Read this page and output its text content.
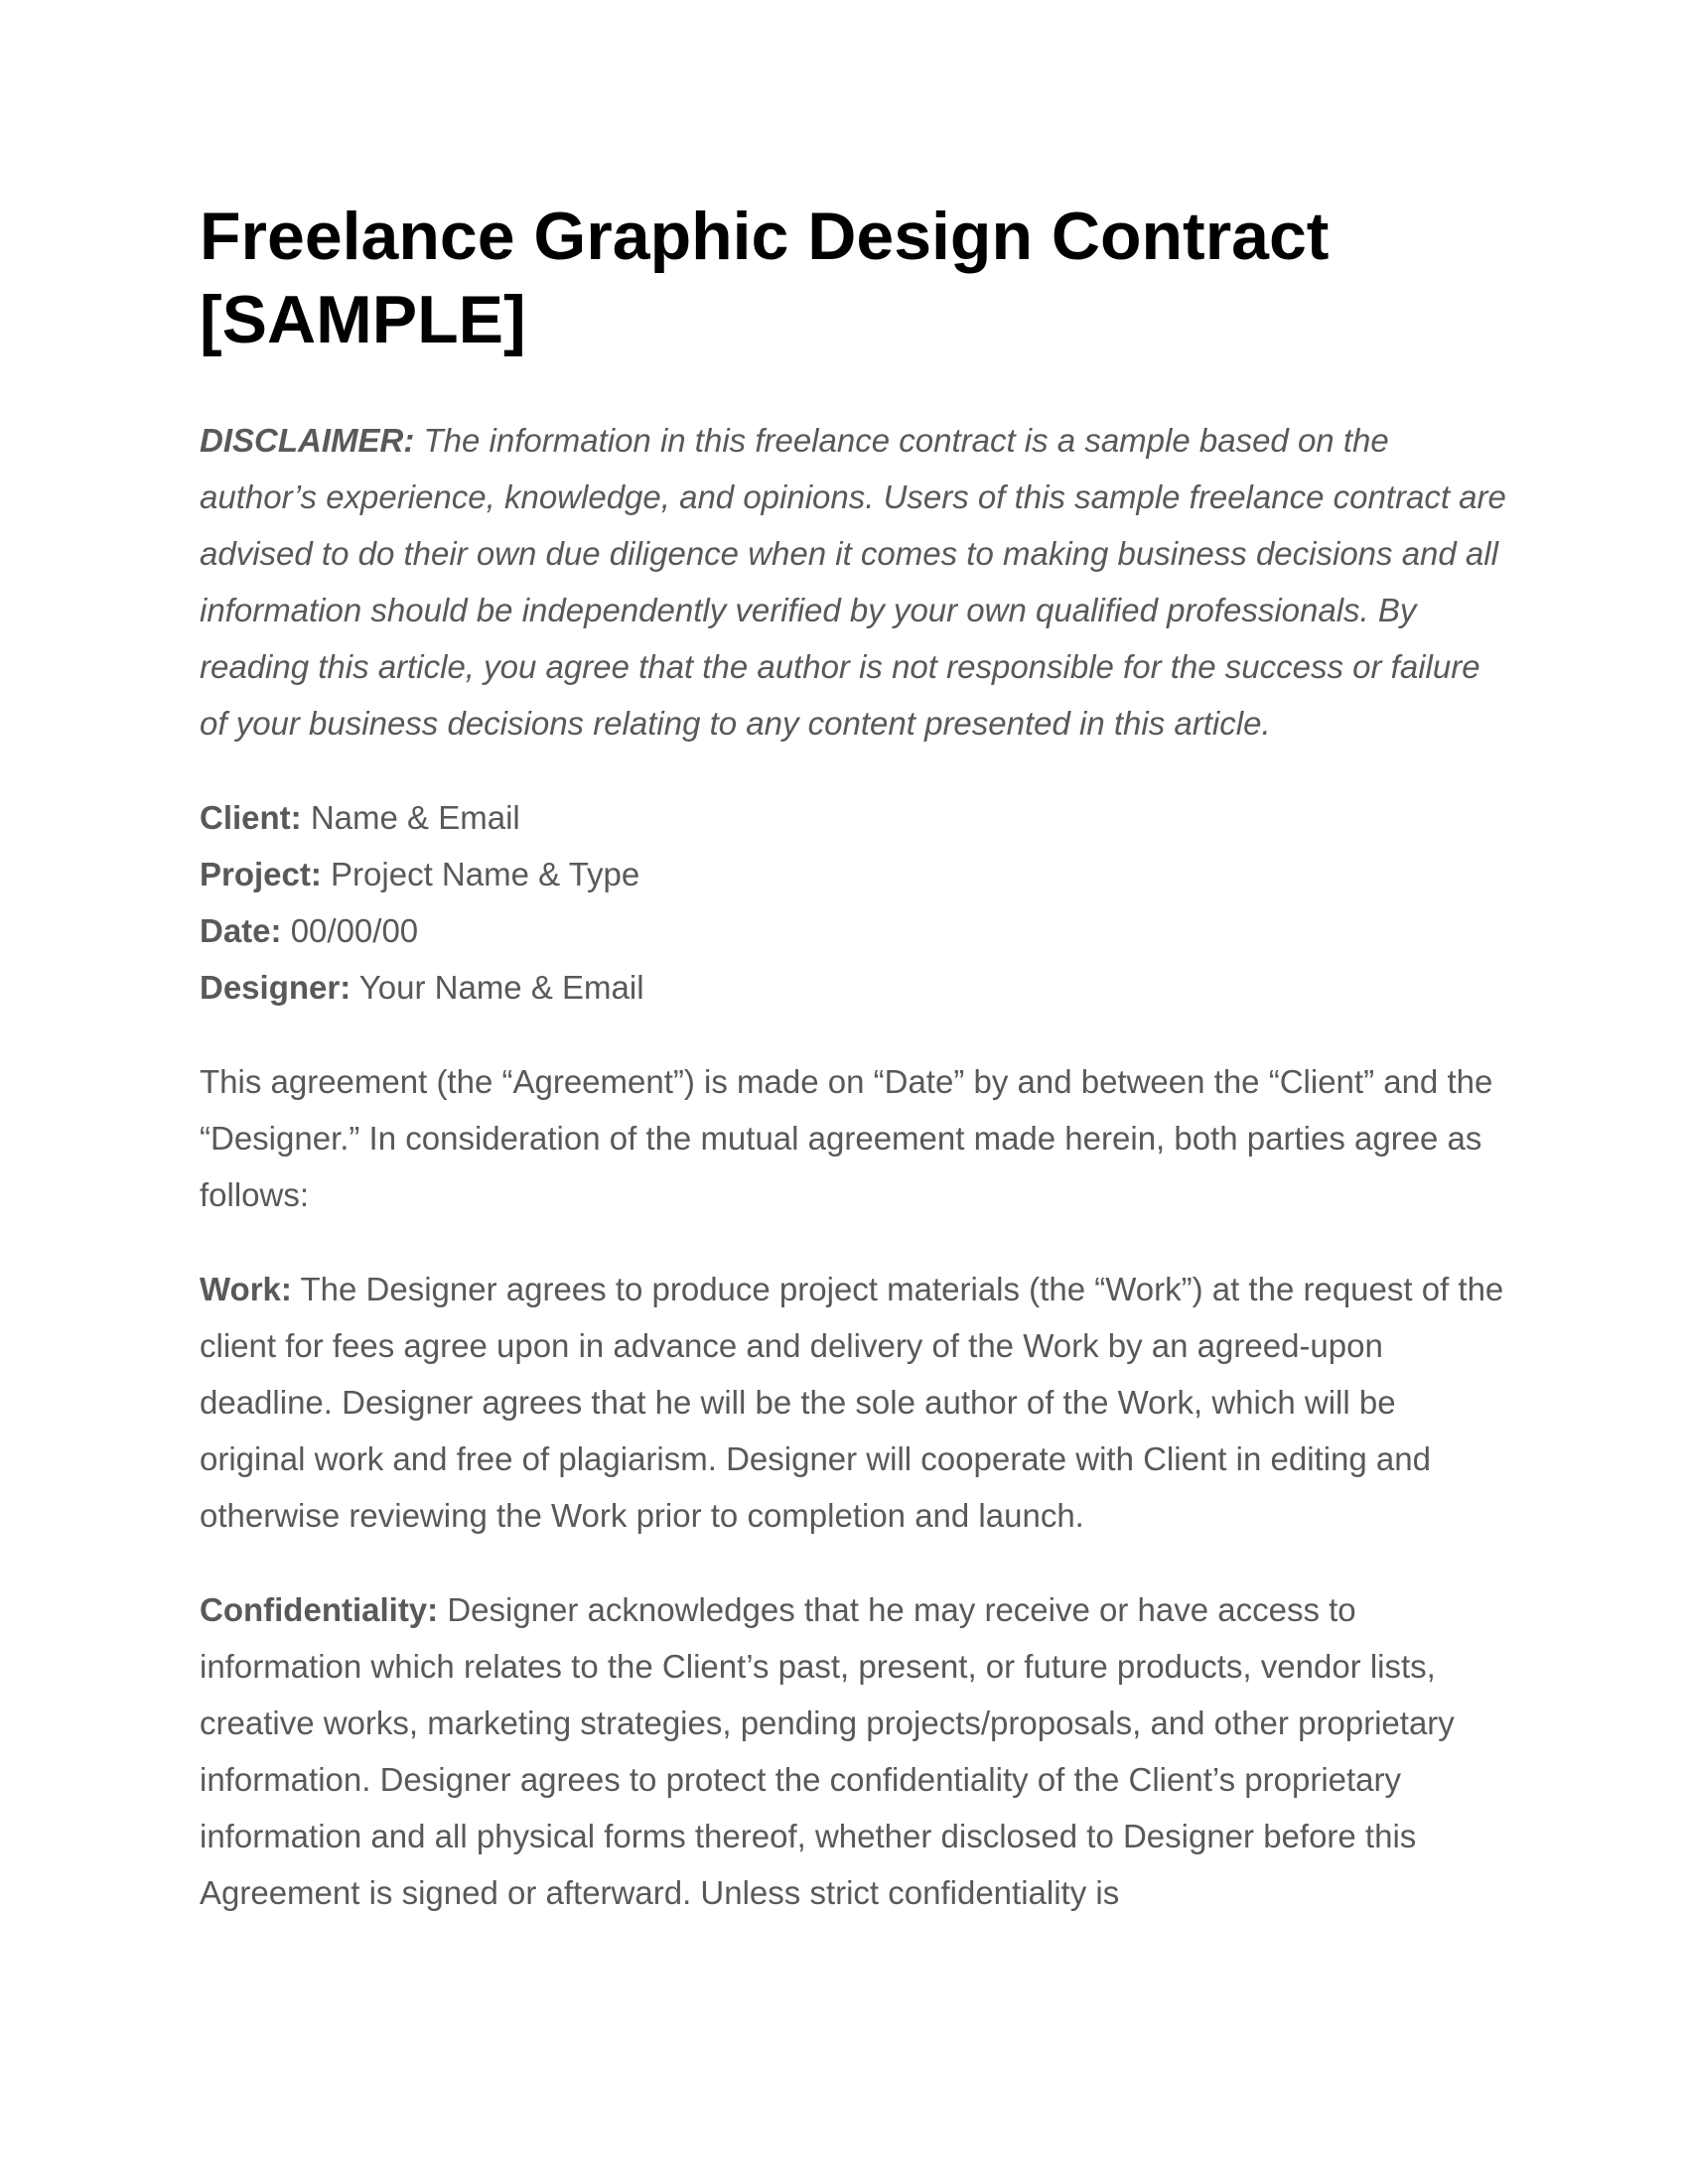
Freelance Graphic Design Contract [SAMPLE]

DISCLAIMER: The information in this freelance contract is a sample based on the author’s experience, knowledge, and opinions. Users of this sample freelance contract are advised to do their own due diligence when it comes to making business decisions and all information should be independently verified by your own qualified professionals. By reading this article, you agree that the author is not responsible for the success or failure of your business decisions relating to any content presented in this article.

Client: Name & Email

Project: Project Name & Type

Date: 00/00/00

Designer: Your Name & Email

This agreement (the “Agreement”) is made on “Date” by and between the “Client” and the “Designer.” In consideration of the mutual agreement made herein, both parties agree as follows:

Work: The Designer agrees to produce project materials (the “Work”) at the request of the client for fees agree upon in advance and delivery of the Work by an agreed-upon deadline. Designer agrees that he will be the sole author of the Work, which will be original work and free of plagiarism. Designer will cooperate with Client in editing and otherwise reviewing the Work prior to completion and launch.

Confidentiality: Designer acknowledges that he may receive or have access to information which relates to the Client’s past, present, or future products, vendor lists, creative works, marketing strategies, pending projects/proposals, and other proprietary information. Designer agrees to protect the confidentiality of the Client’s proprietary information and all physical forms thereof, whether disclosed to Designer before this Agreement is signed or afterward. Unless strict confidentiality is
